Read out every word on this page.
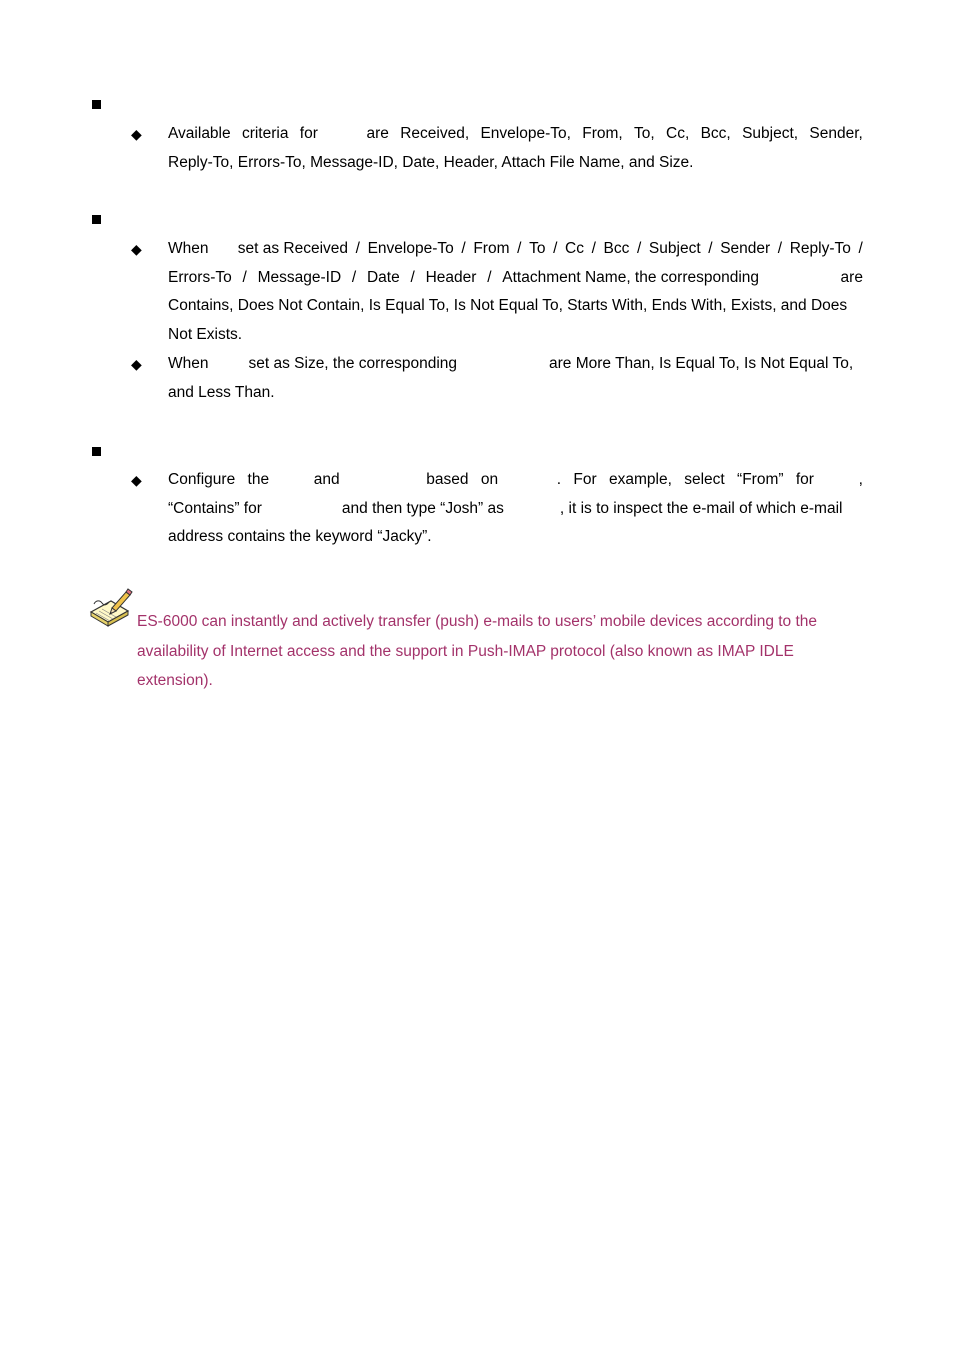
◆ Available criteria for	are Received, Envelope-To, From, To, Cc, Bcc, Subject, Sender,
Reply-To, Errors-To, Message-ID, Date, Header, Attach File Name, and Size.
◆ When set as Received / Envelope-To / From / To / Cc / Bcc / Subject / Sender / Reply-To /
Errors-To / Message-ID / Date / Header / Attachment Name, the corresponding	are
Contains, Does Not Contain, Is Equal To, Is Not Equal To, Starts With, Ends With, Exists, and Does
Not Exists.
◆ When	set as Size, the corresponding	are More Than, Is Equal To, Is Not Equal To,
and Less Than.
◆ Configure the	and	based on	. For example, select “From” for	,
“Contains” for	and then type “Josh” as	, it is to inspect the e-mail of which e-mail
address contains the keyword “Jacky”.
ES-6000 can instantly and actively transfer (push) e-mails to users’ mobile devices according to the
availability of Internet access and the support in Push-IMAP protocol (also known as IMAP IDLE
extension).
